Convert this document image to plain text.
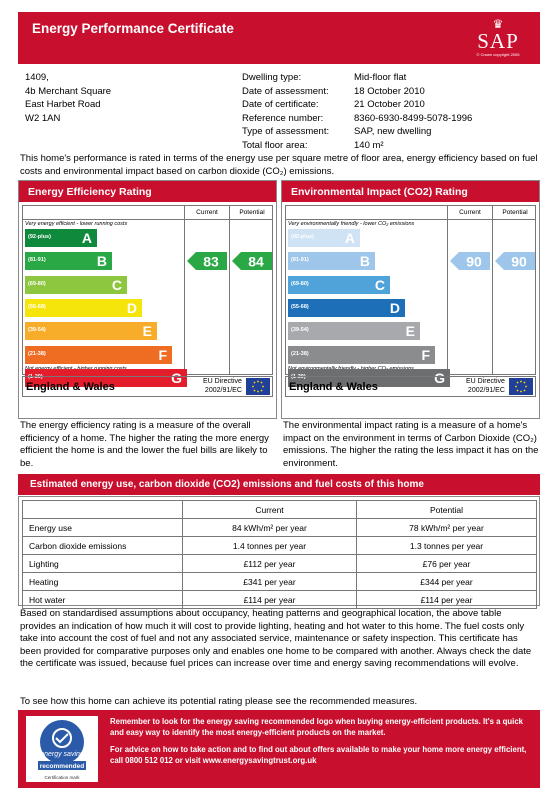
Energy Performance Certificate	♛
SAP
© Crown copyright 2005
1409,
4b Merchant Square
East Harbet Road
W2 1AN
Dwelling type:	Mid-floor flat
Date of assessment:	18 October 2010
Date of certificate:	21 October 2010
Reference number:	8360-6930-8499-5078-1996
Type of assessment:	SAP, new dwelling
Total floor area:	140 m²
This home's performance is rated in terms of the energy use per square metre of floor area, energy efficiency based on fuel costs and environmental impact based on carbon dioxide (CO₂) emissions.
Energy Efficiency Rating
Current	Potential
Very energy efficient - lower running costs
(92-plus) A
(81-91)	B
(69-80)	C
(55-68)	D
(39-54)	E
(21-38)	F
(1-20)	G
83 84
England & Wales	EU Directive
2002/91/EC
The energy efficiency rating is a measure of the overall efficiency of a home. The higher the rating the more energy efficient the home is and the lower the fuel bills are likely to be.
Environmental Impact (CO2) Rating
Current	Potential
Very environmentally friendly - lower CO₂ emissions
(92-plus) A
(81-91)	B
(69-80)	C
(55-68)	D
(39-54)	E
(21-38)	F
(1-20)	G
90 90
England & Wales	EU Directive
2002/91/EC
The environmental impact rating is a measure of a home's impact on the environment in terms of Carbon Dioxide (CO₂) emissions. The higher the rating the less impact it has on the environment.
Estimated energy use, carbon dioxide (CO2) emissions and fuel costs of this home
	Current	Potential
Energy use	84 kWh/m² per year	78 kWh/m² per year
Carbon dioxide emissions	1.4 tonnes per year	1.3 tonnes per year
Lighting	£112 per year	£76 per year
Heating	£341 per year	£344 per year
Hot water	£114 per year	£114 per year
Based on standardised assumptions about occupancy, heating patterns and geographical location, the above table provides an indication of how much it will cost to provide lighting, heating and hot water to this home. The fuel costs only take into account the cost of fuel and not any associated service, maintenance or safety inspection. This certificate has been provided for comparative purposes only and enables one home to be compared with another. Always check the date the certificate was issued, because fuel prices can increase over time and energy saving recommendations will evolve.
To see how this home can achieve its potential rating please see the recommended measures.
energy saving
recommended
Certification mark

Remember to look for the energy saving recommended logo when buying energy-efficient products. It's a quick and easy way to identify the most energy-efficient products on the market.

For advice on how to take action and to find out about offers available to make your home more energy efficient, call 0800 512 012 or visit www.energysavingtrust.org.uk
